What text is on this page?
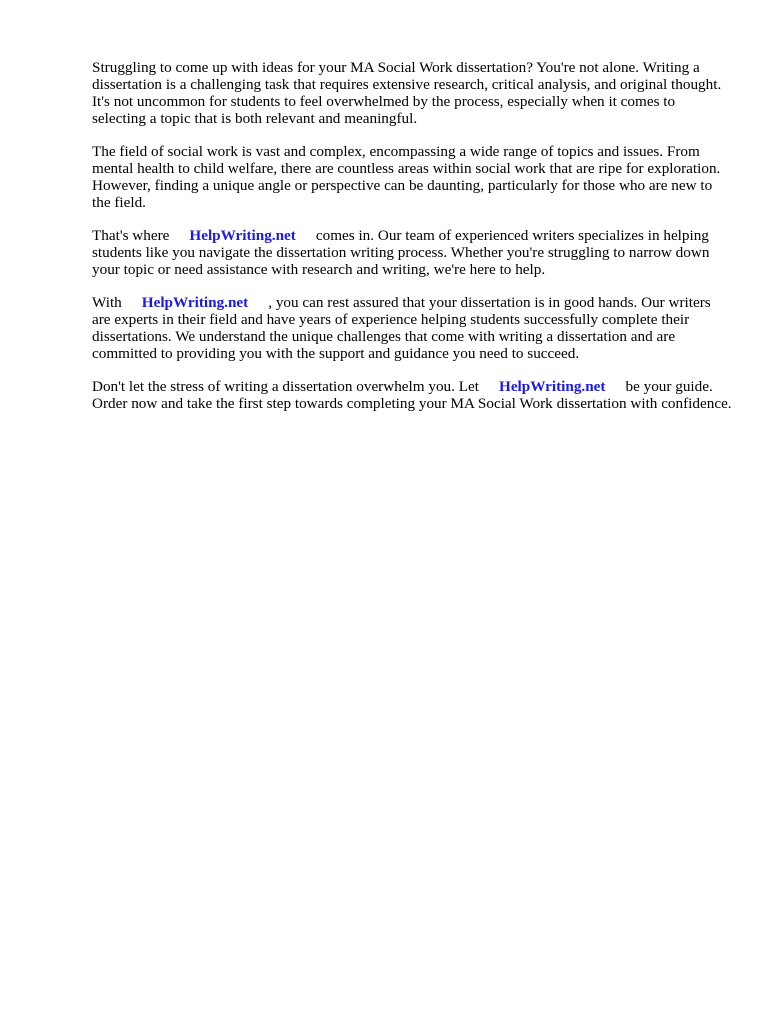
Struggling to come up with ideas for your MA Social Work dissertation? You're not alone. Writing a dissertation is a challenging task that requires extensive research, critical analysis, and original thought. It's not uncommon for students to feel overwhelmed by the process, especially when it comes to selecting a topic that is both relevant and meaningful.

The field of social work is vast and complex, encompassing a wide range of topics and issues. From mental health to child welfare, there are countless areas within social work that are ripe for exploration. However, finding a unique angle or perspective can be daunting, particularly for those who are new to the field.

That's where HelpWriting.net comes in. Our team of experienced writers specializes in helping students like you navigate the dissertation writing process. Whether you're struggling to narrow down your topic or need assistance with research and writing, we're here to help.

With HelpWriting.net , you can rest assured that your dissertation is in good hands. Our writers are experts in their field and have years of experience helping students successfully complete their dissertations. We understand the unique challenges that come with writing a dissertation and are committed to providing you with the support and guidance you need to succeed.

Don't let the stress of writing a dissertation overwhelm you. Let HelpWriting.net be your guide. Order now and take the first step towards completing your MA Social Work dissertation with confidence.
